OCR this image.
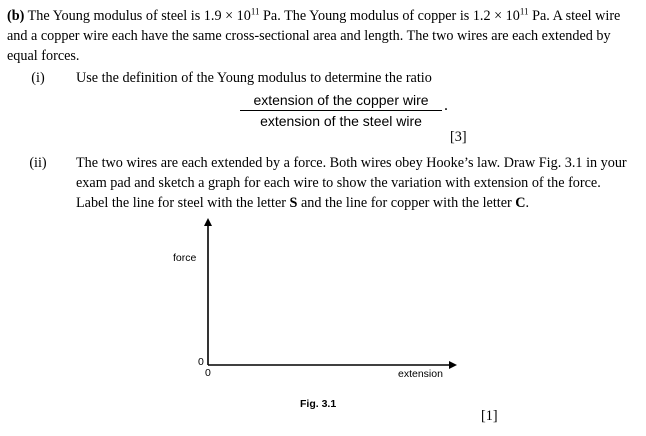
(b) The Young modulus of steel is $1.9 \times 10^{11}$ Pa. The Young modulus of copper is $1.2 \times 10^{11}$ Pa. A steel wire and a copper wire each have the same cross-sectional area and length. The two wires are each extended by equal forces.

(i)	Use the definition of the Young modulus to determine the ratio
extension of the copper wire
extension of the steel wire
.
[3]
(ii)	The two wires are each extended by a force. Both wires obey Hooke’s law. Draw Fig. 3.1 in your exam pad and sketch a graph for each wire to show the variation with extension of the force. Label the line for steel with the letter S and the line for copper with the letter C.
force
extension
0
0
Fig. 3.1
[1]
